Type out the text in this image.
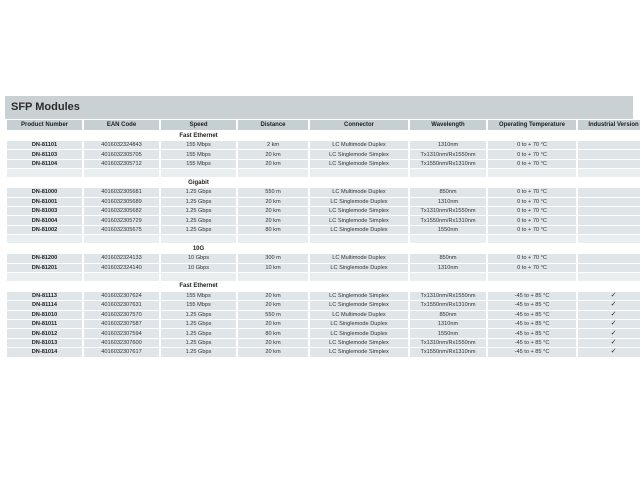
SFP Modules
Product Number	EAN Code	Speed	Distance	Connector	Wavelength	Operating Temperature	Industrial Version
		Fast Ethernet					
DN-81101	4016032324843	155 Mbps	2 km	LC Multimode Duplex	1310nm	0 to + 70 °C	
DN-81103	4016032305705	155 Mbps	20 km	LC Singlemode Simplex	Tx1310nm/Rx1550nm	0 to + 70 °C	
DN-81104	4016032305712	155 Mbps	20 km	LC Singlemode Simplex	Tx1550nm/Rx1310nm	0 to + 70 °C	

		Gigabit					
DN-81000	4016032305681	1.25 Gbps	550 m	LC Multimode Duplex	850nm	0 to + 70 °C	
DN-81001	4016032305689	1.25 Gbps	20 km	LC Singlemode Duplex	1310nm	0 to + 70 °C	
DN-81003	4016032305682	1.25 Gbps	20 km	LC Singlemode Simplex	Tx1310nm/Rx1550nm	0 to + 70 °C	
DN-81004	4016032305729	1.25 Gbps	20 km	LC Singlemode Simplex	Tx1550nm/Rx1310nm	0 to + 70 °C	
DN-81002	4016032305675	1.25 Gbps	80 km	LC Singlemode Duplex	1550nm	0 to + 70 °C	

		10G					
DN-81200	4016032324133	10 Gbps	300 m	LC Multimode Duplex	850nm	0 to + 70 °C	
DN-81201	4016032324140	10 Gbps	10 km	LC Singlemode Duplex	1310nm	0 to + 70 °C	

		Fast Ethernet					
DN-81113	4016032307624	155 Mbps	20 km	LC Singlemode Simplex	Tx1310nm/Rx1550nm	-45 to + 85 °C	✓
DN-81114	4016032307631	155 Mbps	20 km	LC Singlemode Simplex	Tx1550nm/Rx1310nm	-45 to + 85 °C	✓
DN-81010	4016032307570	1.25 Gbps	550 m	LC Multimode Duplex	850nm	-45 to + 85 °C	✓
DN-81011	4016032307587	1.25 Gbps	20 km	LC Singlemode Duplex	1310nm	-45 to + 85 °C	✓
DN-81012	4016032307594	1.25 Gbps	80 km	LC Singlemode Duplex	1550nm	-45 to + 85 °C	✓
DN-81013	4016032307600	1.25 Gbps	20 km	LC Singlemode Simplex	Tx1310nm/Rx1550nm	-45 to + 85 °C	✓
DN-81014	4016032307617	1.25 Gbps	20 km	LC Singlemode Simplex	Tx1550nm/Rx1310nm	-45 to + 85 °C	✓
